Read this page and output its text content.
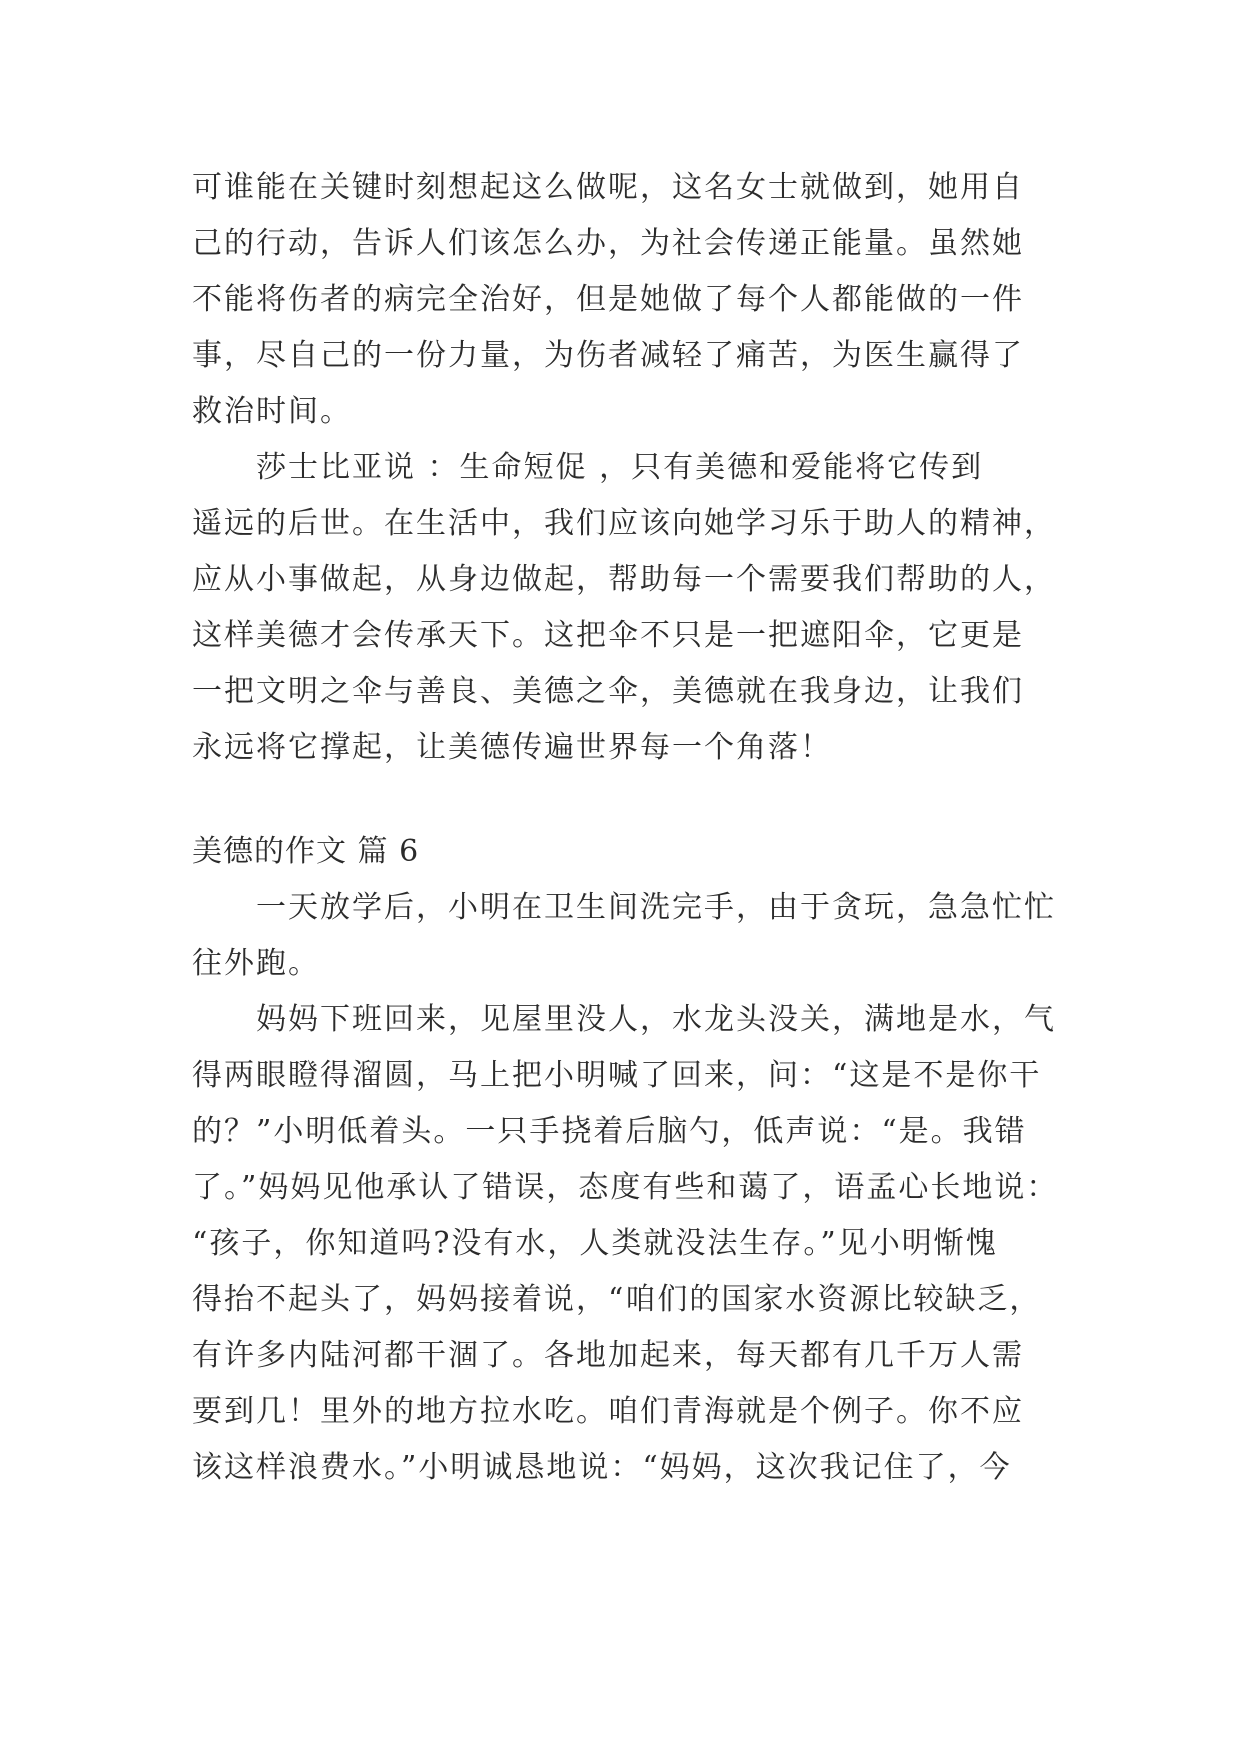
可谁能在关键时刻想起这么做呢，这名女士就做到，她用自
己的行动，告诉人们该怎么办，为社会传递正能量。虽然她
不能将伤者的病完全治好，但是她做了每个人都能做的一件
事，尽自己的一份力量，为伤者减轻了痛苦，为医生赢得了
救治时间。
莎士比亚说 ：生命短促 ，只有美德和爱能将它传到
遥远的后世。在生活中，我们应该向她学习乐于助人的精神，
应从小事做起，从身边做起，帮助每一个需要我们帮助的人，
这样美德才会传承天下。这把伞不只是一把遮阳伞，它更是
一把文明之伞与善良、美德之伞，美德就在我身边，让我们
永远将它撑起，让美德传遍世界每一个角落！
美德的作文 篇 6
一天放学后，小明在卫生间洗完手，由于贪玩，急急忙忙
往外跑。
妈妈下班回来，见屋里没人，水龙头没关，满地是水，气
得两眼瞪得溜圆，马上把小明喊了回来，问：“这是不是你干
的？”小明低着头。一只手挠着后脑勺，低声说：“是。我错
了。”妈妈见他承认了错误，态度有些和蔼了，语孟心长地说：
“孩子，你知道吗?没有水，人类就没法生存。”见小明惭愧
得抬不起头了，妈妈接着说，“咱们的国家水资源比较缺乏，
有许多内陆河都干涸了。各地加起来，每天都有几千万人需
要到几！里外的地方拉水吃。咱们青海就是个例子。你不应
该这样浪费水。”小明诚恳地说：“妈妈，这次我记住了，今
